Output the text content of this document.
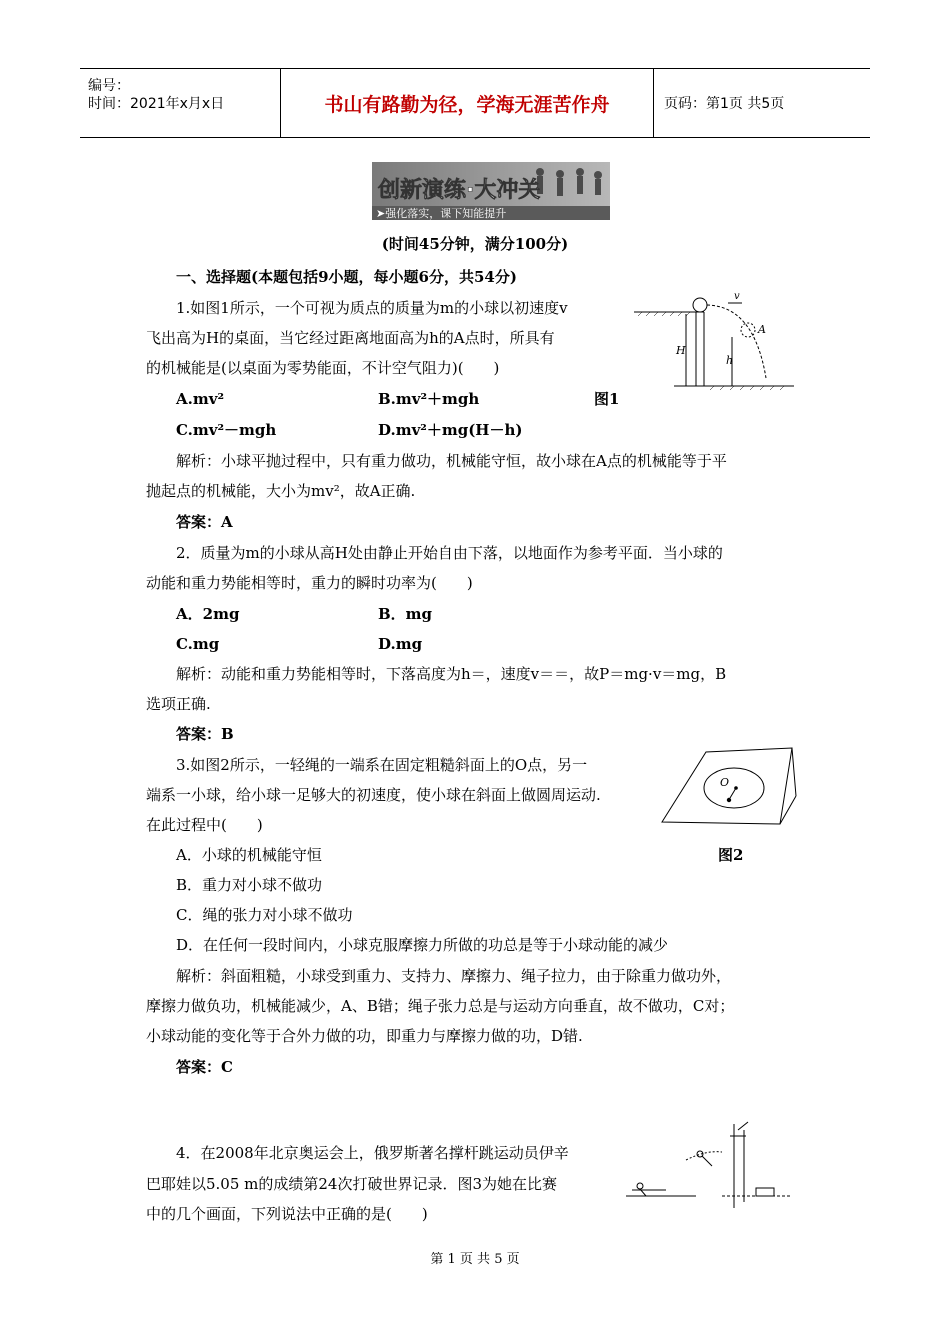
编号：
时间：2021年x月x日	书山有路勤为径，学海无涯苦作舟	页码：第1页 共5页
创新演练·大冲关
➤强化落实，课下知能提升
(时间45分钟，满分100分)
一、选择题(本题包括9小题，每小题6分，共54分)
1.如图1所示，一个可视为质点的质量为m的小球以初速度v
飞出高为H的桌面，当它经过距离地面高为h的A点时，所具有
的机械能是(以桌面为零势能面，不计空气阻力)(　　)
A.mv²	B.mv²＋mgh	图1
C.mv²－mgh	D.mv²＋mg(H－h)
解析：小球平抛过程中，只有重力做功，机械能守恒，故小球在A点的机械能等于平
抛起点的机械能，大小为mv²，故A正确.
答案：A
v
A
H
h
2．质量为m的小球从高H处由静止开始自由下落，以地面作为参考平面．当小球的
动能和重力势能相等时，重力的瞬时功率为(　　)
A．2mg	B．mg
C.mg	D.mg
解析：动能和重力势能相等时，下落高度为h＝，速度v＝＝，故P＝mg·v＝mg，B
选项正确.
答案：B
3.如图2所示，一轻绳的一端系在固定粗糙斜面上的O点，另一
端系一小球，给小球一足够大的初速度，使小球在斜面上做圆周运动.
在此过程中(　　)
A．小球的机械能守恒	图2
B．重力对小球不做功
C．绳的张力对小球不做功
D．在任何一段时间内，小球克服摩擦力所做的功总是等于小球动能的减少
解析：斜面粗糙，小球受到重力、支持力、摩擦力、绳子拉力，由于除重力做功外，
摩擦力做负功，机械能减少，A、B错；绳子张力总是与运动方向垂直，故不做功，C对；
小球动能的变化等于合外力做的功，即重力与摩擦力做的功，D错.
答案：C
O
4．在2008年北京奥运会上，俄罗斯著名撑杆跳运动员伊辛
巴耶娃以5.05 m的成绩第24次打破世界记录．图3为她在比赛
中的几个画面，下列说法中正确的是(　　)
第 1 页 共 5 页
